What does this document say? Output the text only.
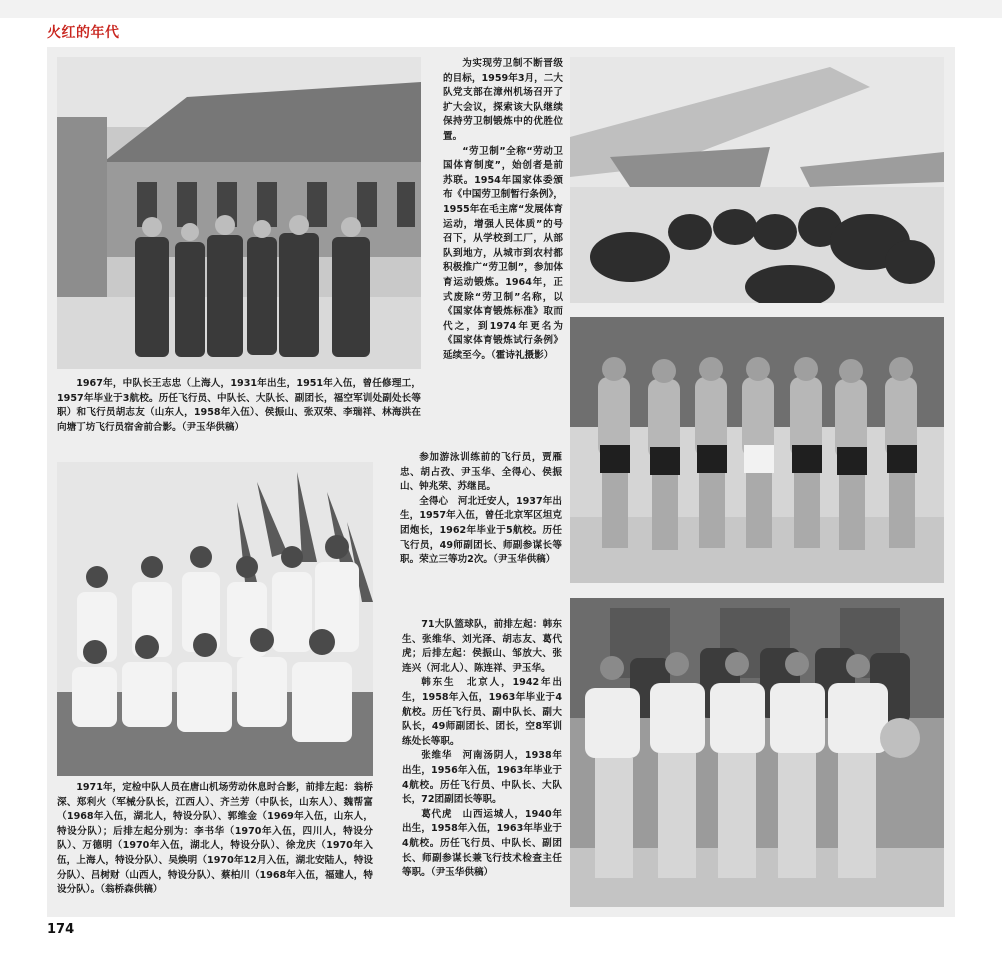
火红的年代

1967年，中队长王志忠（上海人，1931年出生，1951年入伍，曾任修理工，1957年毕业于3航校。历任飞行员、中队长、大队长、副团长，福空军训处副处长等职）和飞行员胡志友（山东人，1958年入伍）、侯振山、张双荣、李瑞祥、林海洪在向塘丁坊飞行员宿舍前合影。（尹玉华供稿）

为实现劳卫制不断晋级的目标，1959年3月，二大队党支部在漳州机场召开了扩大会议，探索该大队继续保持劳卫制锻炼中的优胜位置。

“劳卫制”全称“劳动卫国体育制度”，始创者是前苏联。1954年国家体委颁布《中国劳卫制暂行条例》，1955年在毛主席“发展体育运动，增强人民体质”的号召下，从学校到工厂，从部队到地方，从城市到农村都积极推广“劳卫制”，参加体育运动锻炼。1964年，正式废除“劳卫制”名称，以《国家体育锻炼标准》取而代之，到1974年更名为《国家体育锻炼试行条例》延续至今。（霍诗礼摄影）

参加游泳训练前的飞行员，贾雁忠、胡占孜、尹玉华、全得心、侯振山、钟兆荣、苏继昆。

全得心　河北迁安人，1937年出生，1957年入伍，曾任北京军区坦克团炮长，1962年毕业于5航校。历任飞行员，49师副团长、师副参谋长等职。荣立三等功2次。（尹玉华供稿）

1971年，定检中队人员在唐山机场劳动休息时合影，前排左起：翁桥深、郑利火（军械分队长，江西人）、齐兰芳（中队长，山东人）、魏帮富（1968年入伍，湖北人，特设分队）、郭维金（1969年入伍，山东人，特设分队）；后排左起分别为：李书华（1970年入伍，四川人，特设分队）、万德明（1970年入伍，湖北人，特设分队）、徐龙庆（1970年入伍，上海人，特设分队）、吴焕明（1970年12月入伍，湖北安陆人，特设分队）、吕树财（山西人，特设分队）、蔡柏川（1968年入伍，福建人，特设分队）。（翁桥森供稿）

71大队篮球队，前排左起：韩东生、张维华、刘光泽、胡志友、葛代虎；后排左起：侯振山、邹放大、张连兴（河北人）、陈连祥、尹玉华。

韩东生　北京人，1942年出生，1958年入伍，1963年毕业于4航校。历任飞行员、副中队长、副大队长，49师副团长、团长，空8军训练处长等职。

张维华　河南汤阴人，1938年出生，1956年入伍，1963年毕业于4航校。历任飞行员、中队长、大队长，72团副团长等职。

葛代虎　山西运城人，1940年出生，1958年入伍，1963年毕业于4航校。历任飞行员、中队长、副团长、师副参谋长兼飞行技术检查主任等职。（尹玉华供稿）

174
